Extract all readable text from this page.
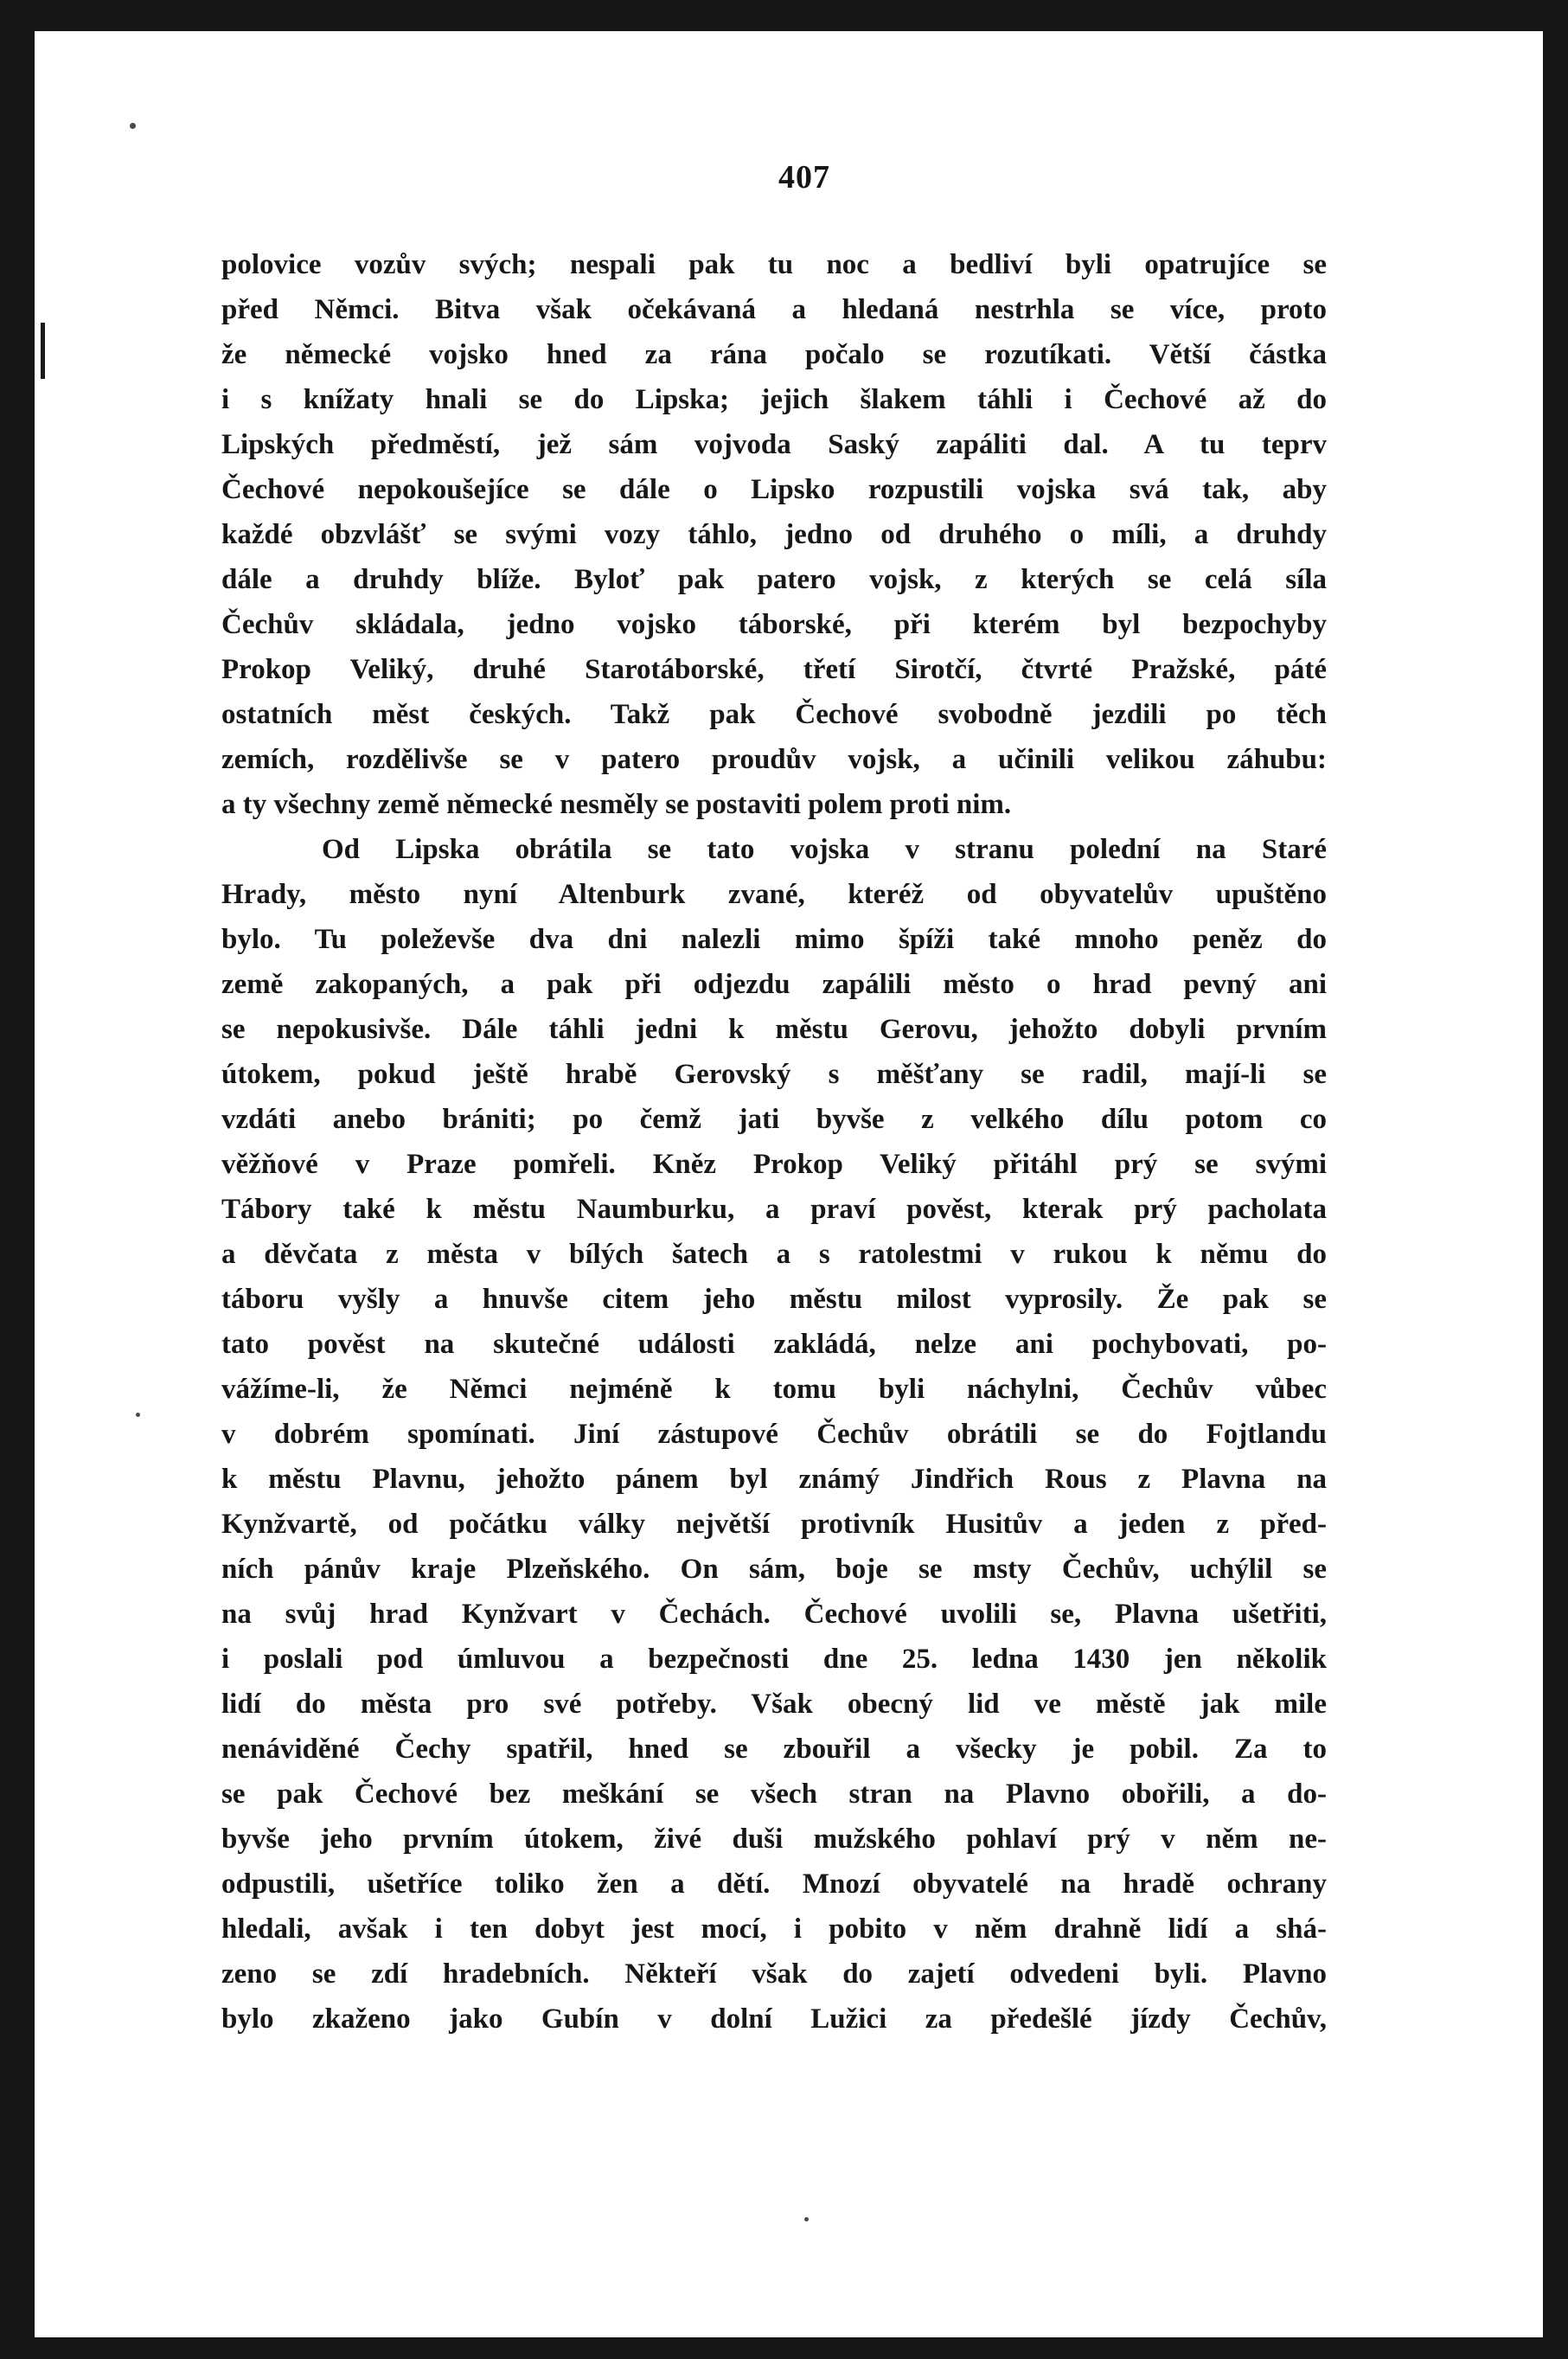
407
polovice vozův svých; nespali pak tu noc a bedliví byli opatrujíce se
před Němci. Bitva však očekávaná a hledaná nestrhla se více, proto
že německé vojsko hned za rána počalo se rozutíkati. Větší částka
i s knížaty hnali se do Lipska; jejich šlakem táhli i Čechové až do
Lipských předměstí, jež sám vojvoda Saský zapáliti dal. A tu teprv
Čechové nepokoušejíce se dále o Lipsko rozpustili vojska svá tak, aby
každé obzvlášť se svými vozy táhlo, jedno od druhého o míli, a druhdy
dále a druhdy blíže. Byloť pak patero vojsk, z kterých se celá síla
Čechův skládala, jedno vojsko táborské, při kterém byl bezpochyby
Prokop Veliký, druhé Starotáborské, třetí Sirotčí, čtvrté Pražské, páté
ostatních měst českých. Takž pak Čechové svobodně jezdili po těch
zemích, rozdělivše se v patero proudův vojsk, a učinili velikou záhubu:
a ty všechny země německé nesměly se postaviti polem proti nim.
Od Lipska obrátila se tato vojska v stranu polední na Staré
Hrady, město nyní Altenburk zvané, kteréž od obyvatelův upuštěno
bylo. Tu poleževše dva dni nalezli mimo špíži také mnoho peněz do
země zakopaných, a pak při odjezdu zapálili město o hrad pevný ani
se nepokusivše. Dále táhli jedni k městu Gerovu, jehožto dobyli prvním
útokem, pokud ještě hrabě Gerovský s měšťany se radil, mají-li se
vzdáti anebo brániti; po čemž jati byvše z velkého dílu potom co
věžňové v Praze pomřeli. Kněz Prokop Veliký přitáhl prý se svými
Tábory také k městu Naumburku, a praví pověst, kterak prý pacholata
a děvčata z města v bílých šatech a s ratolestmi v rukou k němu do
táboru vyšly a hnuvše citem jeho městu milost vyprosily. Že pak se
tato pověst na skutečné události zakládá, nelze ani pochybovati, po-
vážíme-li, že Němci nejméně k tomu byli náchylni, Čechův vůbec
v dobrém spomínati. Jiní zástupové Čechův obrátili se do Fojtlandu
k městu Plavnu, jehožto pánem byl známý Jindřich Rous z Plavna na
Kynžvartě, od počátku války největší protivník Husitův a jeden z před-
ních pánův kraje Plzeňského. On sám, boje se msty Čechův, uchýlil se
na svůj hrad Kynžvart v Čechách. Čechové uvolili se, Plavna ušetřiti,
i poslali pod úmluvou a bezpečnosti dne 25. ledna 1430 jen několik
lidí do města pro své potřeby. Však obecný lid ve městě jak mile
nenáviděné Čechy spatřil, hned se zbouřil a všecky je pobil. Za to
se pak Čechové bez meškání se všech stran na Plavno obořili, a do-
byvše jeho prvním útokem, živé duši mužského pohlaví prý v něm ne-
odpustili, ušetříce toliko žen a dětí. Mnozí obyvatelé na hradě ochrany
hledali, avšak i ten dobyt jest mocí, i pobito v něm drahně lidí a shá-
zeno se zdí hradebních. Někteří však do zajetí odvedeni byli. Plavno
bylo zkaženo jako Gubín v dolní Lužici za předešlé jízdy Čechův,
